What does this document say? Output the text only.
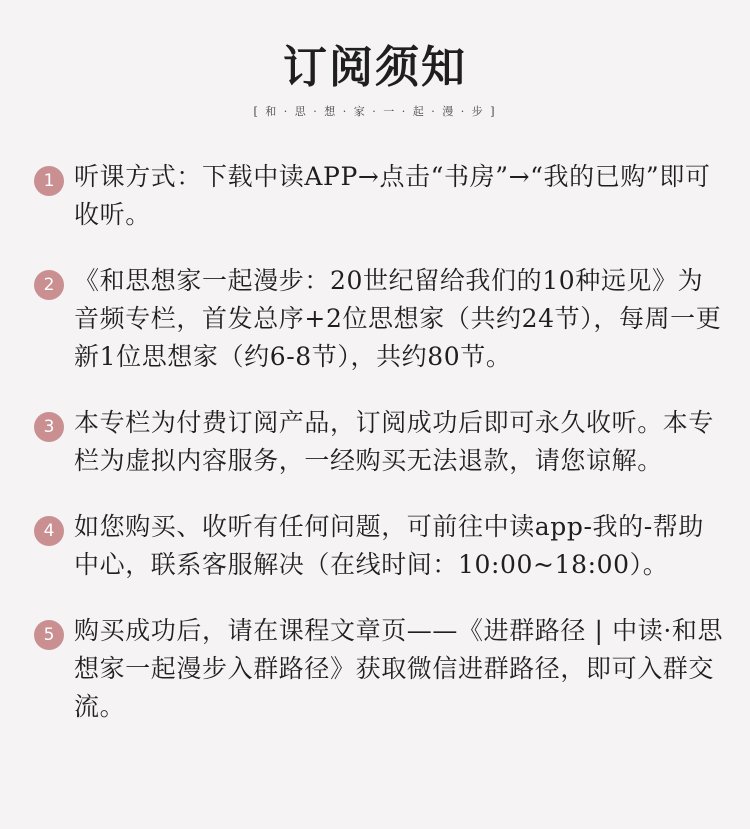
订阅须知
[ 和 · 思 · 想 · 家 · 一 · 起 · 漫 · 步 ]
1 听课方式：下载中读APP→点击“书房”→“我的已购”即可收听。
2 《和思想家一起漫步：20世纪留给我们的10种远见》为音频专栏，首发总序+2位思想家（共约24节），每周一更新1位思想家（约6-8节），共约80节。
3 本专栏为付费订阅产品，订阅成功后即可永久收听。本专栏为虚拟内容服务，一经购买无法退款，请您谅解。
4 如您购买、收听有任何问题，可前往中读app-我的-帮助中心，联系客服解决（在线时间：10:00~18:00）。
5 购买成功后，请在课程文章页——《进群路径 | 中读·和思想家一起漫步入群路径》获取微信进群路径，即可入群交流。
